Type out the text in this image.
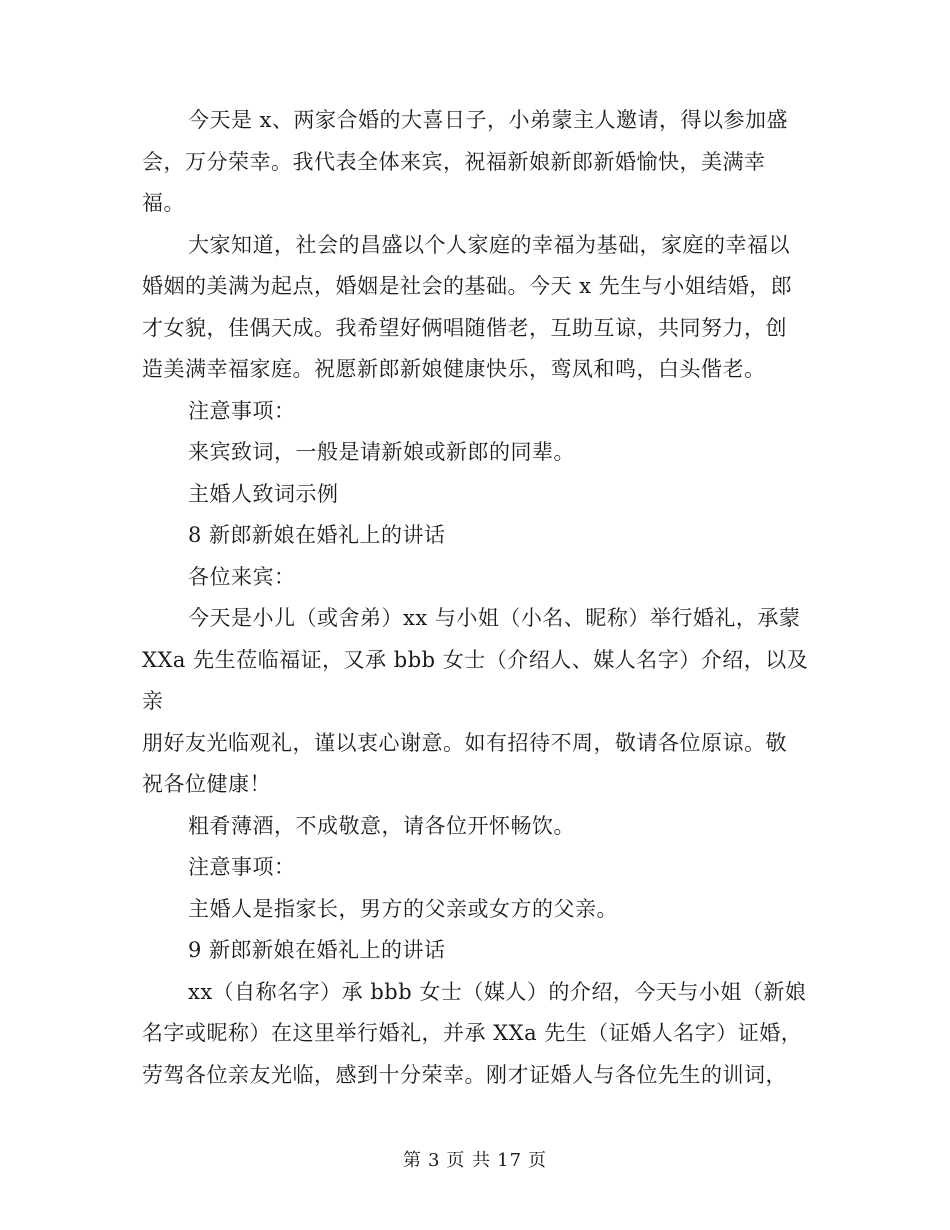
今天是 x、两家合婚的大喜日子，小弟蒙主人邀请，得以参加盛
会，万分荣幸。我代表全体来宾，祝福新娘新郎新婚愉快，美满幸
福。

大家知道，社会的昌盛以个人家庭的幸福为基础，家庭的幸福以
婚姻的美满为起点，婚姻是社会的基础。今天 x 先生与小姐结婚，郎
才女貌，佳偶天成。我希望好俩唱随偕老，互助互谅，共同努力，创
造美满幸福家庭。祝愿新郎新娘健康快乐，鸾凤和鸣，白头偕老。

注意事项：

来宾致词，一般是请新娘或新郎的同辈。

主婚人致词示例

8 新郎新娘在婚礼上的讲话

各位来宾：

今天是小儿（或舍弟）xx 与小姐（小名、昵称）举行婚礼，承蒙
XXa 先生莅临福证，又承 bbb 女士（介绍人、媒人名字）介绍，以及亲
朋好友光临观礼，谨以衷心谢意。如有招待不周，敬请各位原谅。敬
祝各位健康！

粗肴薄酒，不成敬意，请各位开怀畅饮。

注意事项：

主婚人是指家长，男方的父亲或女方的父亲。

9 新郎新娘在婚礼上的讲话

xx（自称名字）承 bbb 女士（媒人）的介绍，今天与小姐（新娘
名字或昵称）在这里举行婚礼，并承 XXa 先生（证婚人名字）证婚，
劳驾各位亲友光临，感到十分荣幸。刚才证婚人与各位先生的训词，

第 3 页 共 17 页
